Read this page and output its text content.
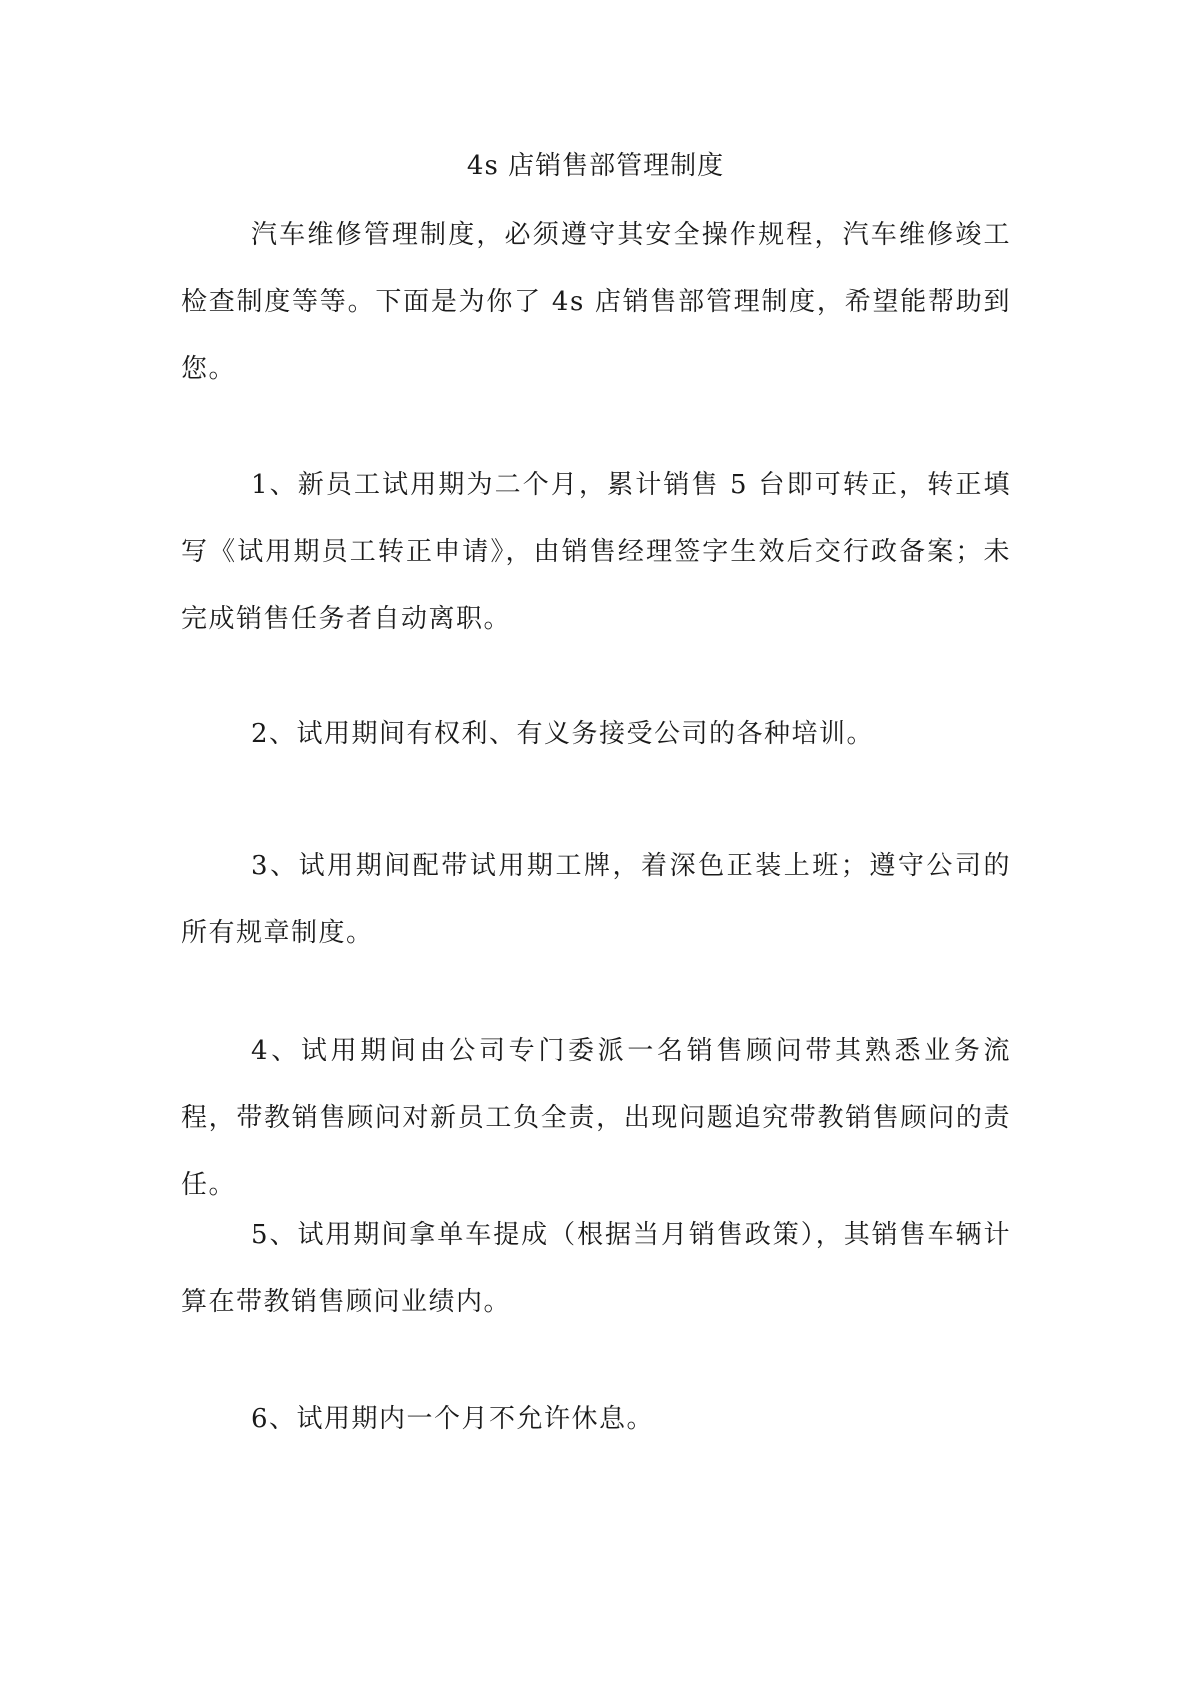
4s 店销售部管理制度

汽车维修管理制度，必须遵守其安全操作规程，汽车维修竣工检查制度等等。下面是为你了 4s 店销售部管理制度，希望能帮助到您。

1、新员工试用期为二个月，累计销售 5 台即可转正，转正填写《试用期员工转正申请》，由销售经理签字生效后交行政备案；未完成销售任务者自动离职。

2、试用期间有权利、有义务接受公司的各种培训。

3、试用期间配带试用期工牌，着深色正装上班；遵守公司的所有规章制度。

4、试用期间由公司专门委派一名销售顾问带其熟悉业务流程，带教销售顾问对新员工负全责，出现问题追究带教销售顾问的责任。

5、试用期间拿单车提成（根据当月销售政策），其销售车辆计算在带教销售顾问业绩内。

6、试用期内一个月不允许休息。
